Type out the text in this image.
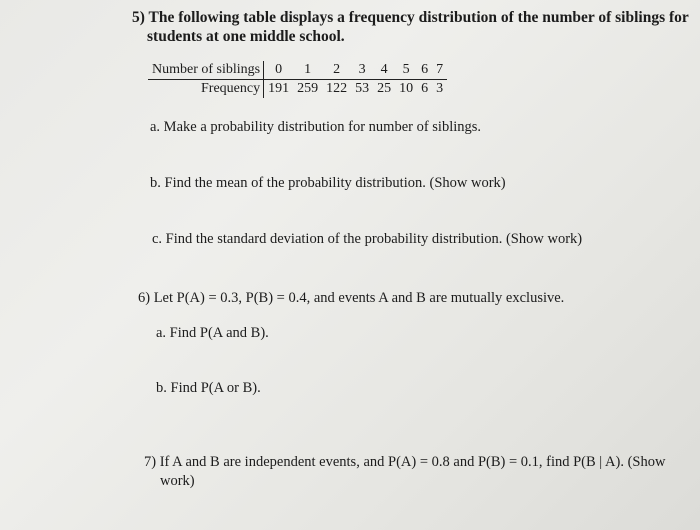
5) The following table displays a frequency distribution of the number of siblings for
students at one middle school.
Number of siblings	0	1	2	3	4	5	6	7
Frequency	191	259	122	53	25	10	6	3
a. Make a probability distribution for number of siblings.
b. Find the mean of the probability distribution. (Show work)
c. Find the standard deviation of the probability distribution. (Show work)
6) Let P(A) = 0.3, P(B) = 0.4, and events A and B are mutually exclusive.
a. Find P(A and B).
b. Find P(A or B).
7) If A and B are independent events, and P(A) = 0.8 and P(B) = 0.1, find P(B | A). (Show
work)
